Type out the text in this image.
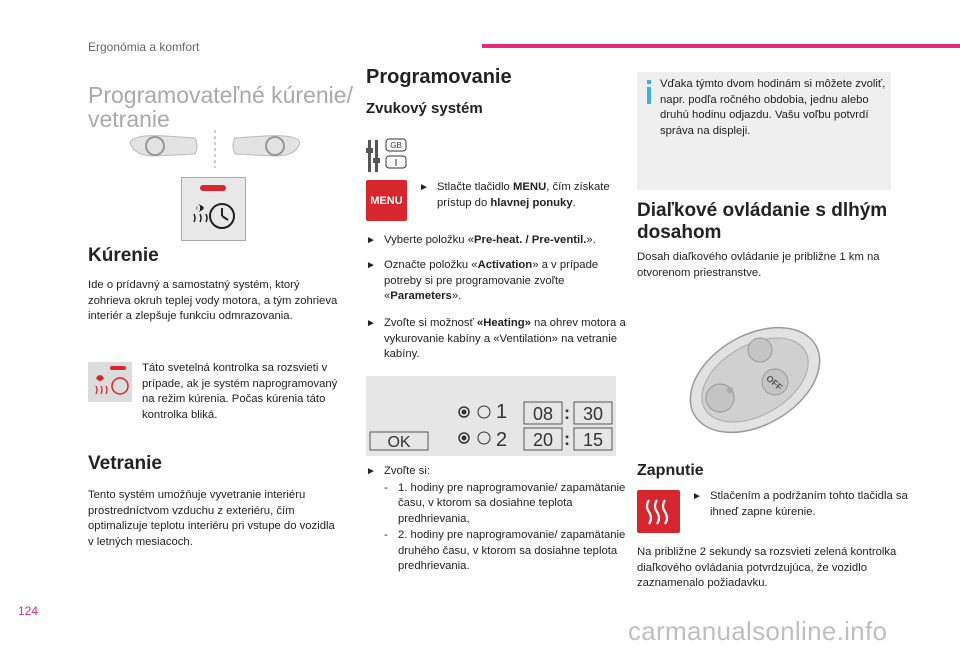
Ergonómia a komfort
Programovateľné kúrenie/ vetranie
Kúrenie
Ide o prídavný a samostatný systém, ktorý zohrieva okruh teplej vody motora, a tým zohrieva interiér a zlepšuje funkciu odmrazovania.
Táto svetelná kontrolka sa rozsvieti v prípade, ak je systém naprogramovaný na režim kúrenia. Počas kúrenia táto kontrolka bliká.
Vetranie
Tento systém umožňuje vyvetranie interiéru prostredníctvom vzduchu z exteriéru, čím optimalizuje teplotu interiéru pri vstupe do vozidla v letných mesiacoch.
Programovanie
Zvukový systém
GB
MENU
► Stlačte tlačidlo MENU, čím získate prístup do hlavnej ponuky.
► Vyberte položku «Pre-heat. / Pre-ventil.».
► Označte položku «Activation» a v prípade potreby si pre programovanie zvoľte «Parameters».
► Zvoľte si možnosť «Heating» na ohrev motora a vykurovanie kabíny a «Ventilation» na vetranie kabíny.
1 08 : 30
OK	2 20 : 15
► Zvoľte si:
- 1. hodiny pre naprogramovanie/ zapamätanie času, v ktorom sa dosiahne teplota predhrievania,
- 2. hodiny pre naprogramovanie/ zapamätanie druhého času, v ktorom sa dosiahne teplota predhrievania.
Vďaka týmto dvom hodinám si môžete zvoliť, napr. podľa ročného obdobia, jednu alebo druhú hodinu odjazdu. Vašu voľbu potvrdí správa na displeji.
Diaľkové ovládanie s dlhým dosahom
Dosah diaľkového ovládanie je približne 1 km na otvorenom priestranstve.
OFF
Zapnutie
► Stlačením a podržaním tohto tlačidla sa ihneď zapne kúrenie.
Na približne 2 sekundy sa rozsvieti zelená kontrolka diaľkového ovládania potvrdzujúca, že vozidlo zaznamenalo požiadavku.
124
carmanualsonline.info
